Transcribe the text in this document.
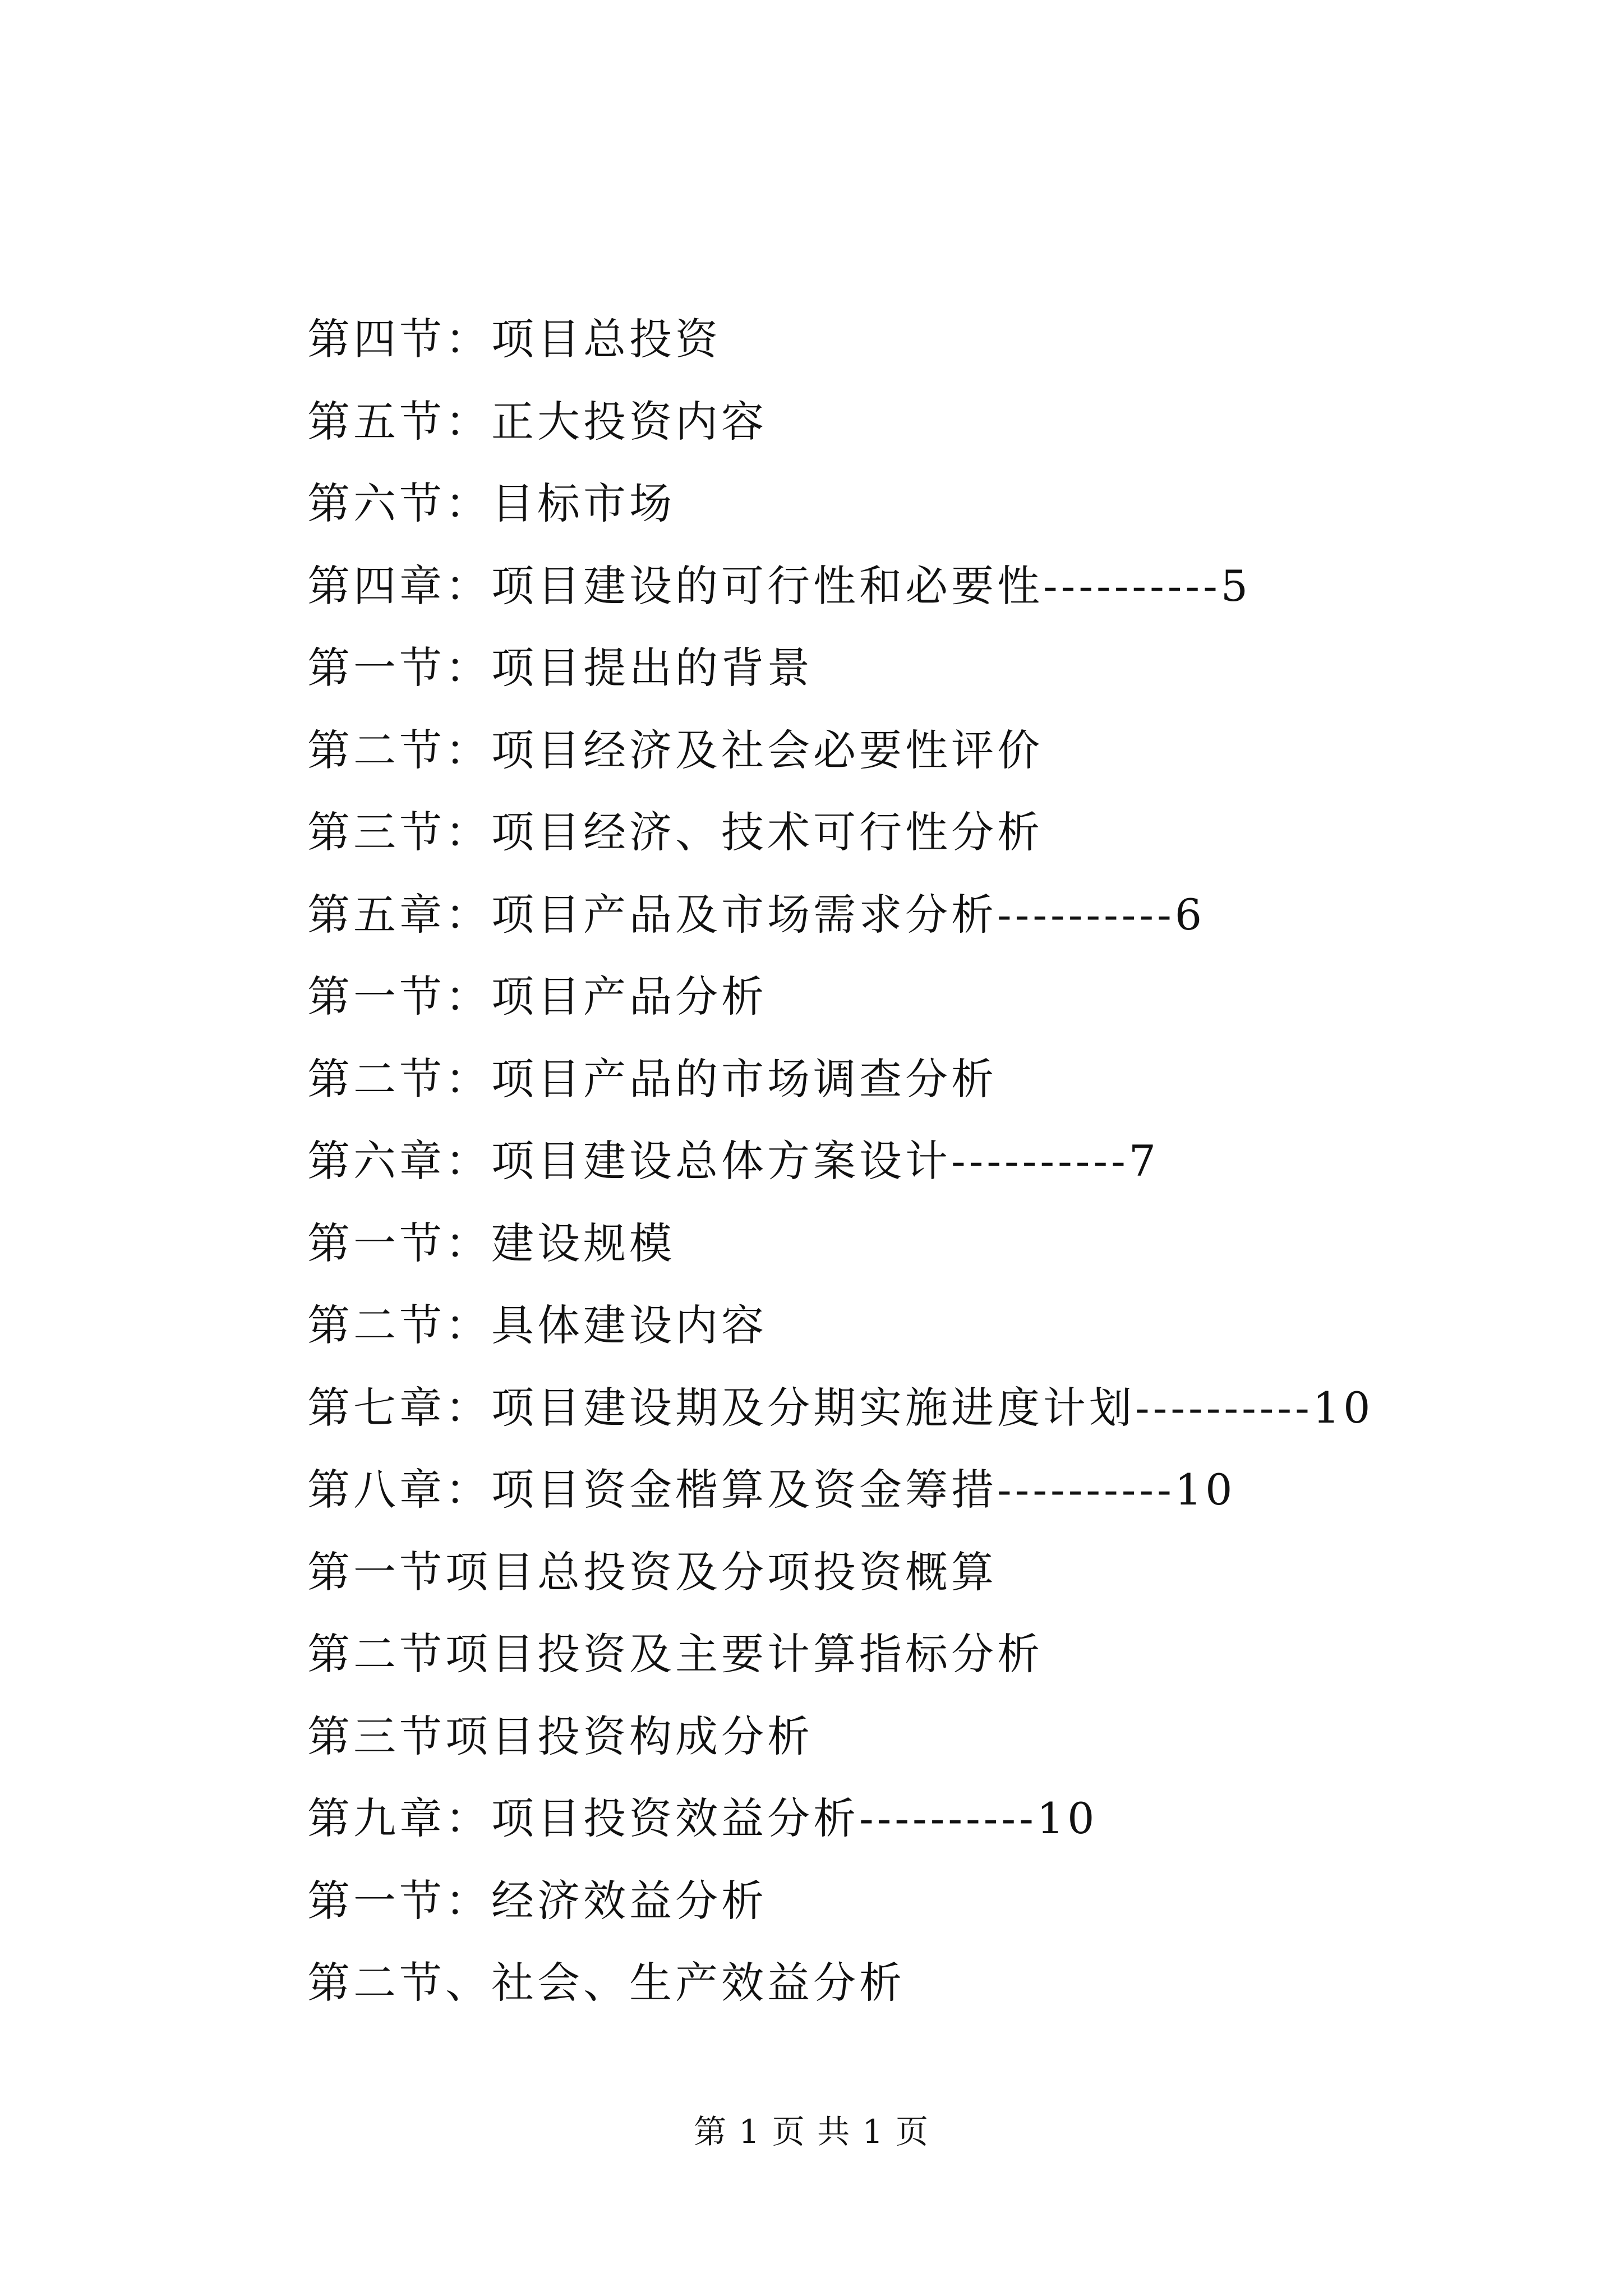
第四节：项目总投资
第五节：正大投资内容
第六节：目标市场
第四章：项目建设的可行性和必要性----------5
第一节：项目提出的背景
第二节：项目经济及社会必要性评价
第三节：项目经济、技术可行性分析
第五章：项目产品及市场需求分析----------6
第一节：项目产品分析
第二节：项目产品的市场调查分析
第六章：项目建设总体方案设计----------7
第一节：建设规模
第二节：具体建设内容
第七章：项目建设期及分期实施进度计划----------10
第八章：项目资金楷算及资金筹措----------10
第一节项目总投资及分项投资概算
第二节项目投资及主要计算指标分析
第三节项目投资构成分析
第九章：项目投资效益分析----------10
第一节：经济效益分析
第二节、社会、生产效益分析
第 1 页 共 1 页
